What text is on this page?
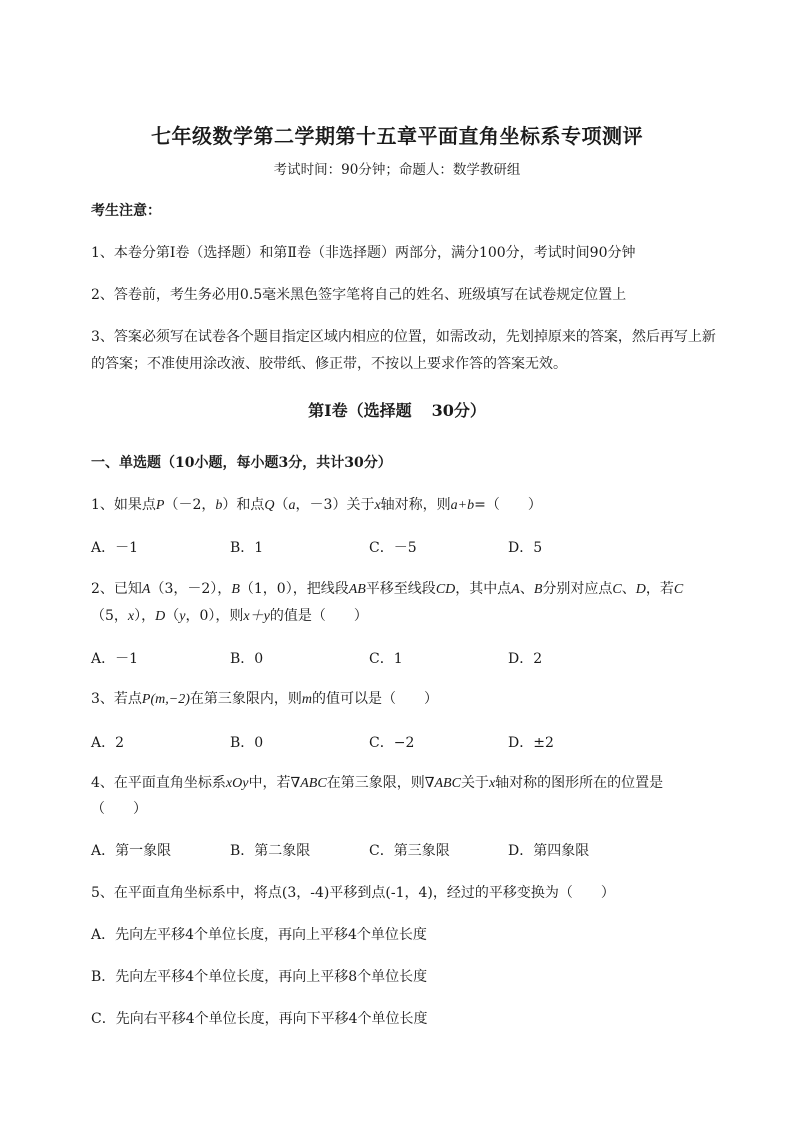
七年级数学第二学期第十五章平面直角坐标系专项测评
考试时间：90分钟；命题人：数学教研组
考生注意：
1、本卷分第Ⅰ卷（选择题）和第Ⅱ卷（非选择题）两部分，满分100分，考试时间90分钟
2、答卷前，考生务必用0.5毫米黑色签字笔将自己的姓名、班级填写在试卷规定位置上
3、答案必须写在试卷各个题目指定区域内相应的位置，如需改动，先划掉原来的答案，然后再写上新
的答案；不准使用涂改液、胶带纸、修正带，不按以上要求作答的答案无效。
第Ⅰ卷（选择题 30分）
一、单选题（10小题，每小题3分，共计30分）
1、如果点P（－2，b）和点Q（a，－3）关于x轴对称，则a+b=（　　）
A．－1	B．1	C．－5	D．5
2、已知A（3，－2），B（1，0），把线段AB平移至线段CD，其中点A、B分别对应点C、D，若C
（5，x），D（y，0），则x＋y的值是（　　）
A．－1	B．0	C．1	D．2
3、若点P(m,−2)在第三象限内，则m的值可以是（　　）
A．2	B．0	C．−2	D．±2
4、在平面直角坐标系xOy中，若∇ABC在第三象限，则∇ABC关于x轴对称的图形所在的位置是
（　　）
A．第一象限	B．第二象限	C．第三象限	D．第四象限
5、在平面直角坐标系中，将点(3，-4)平移到点(-1，4)，经过的平移变换为（　　）
A．先向左平移4个单位长度，再向上平移4个单位长度
B．先向左平移4个单位长度，再向上平移8个单位长度
C．先向右平移4个单位长度，再向下平移4个单位长度
